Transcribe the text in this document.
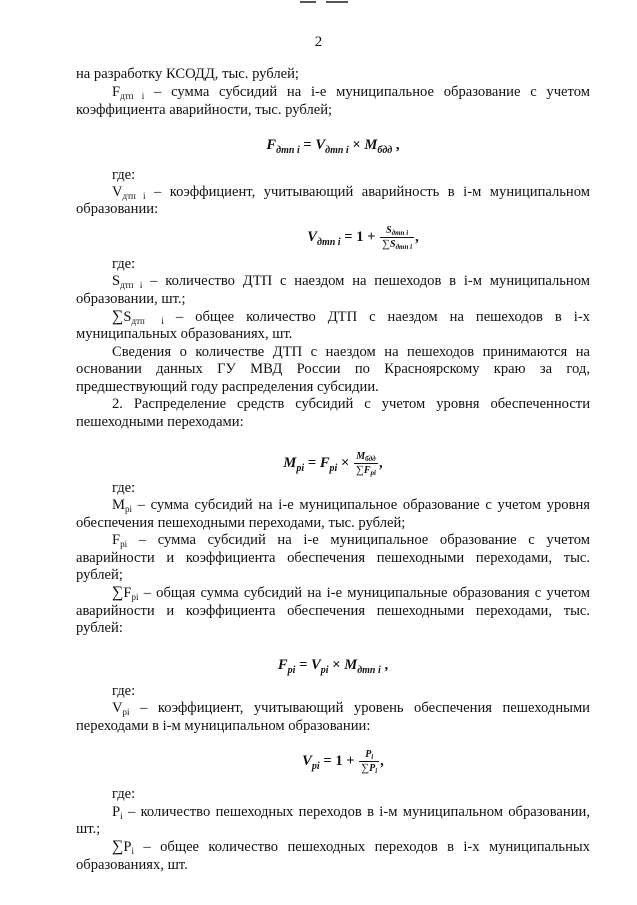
2

на разработку КСОДД, тыс. рублей;

$F_{дтп i}$ – сумма субсидий на i-е муниципальное образование с учетом коэффициента аварийности, тыс. рублей;

$F_{дтп i} = V_{дтп i} \times M_{бдд}$ ,

где:

$V_{дтп i}$ – коэффициент, учитывающий аварийность в i-м муниципальном образовании:

$V_{дтп i} = 1 + \frac{S_{дтп i}}{\sum S_{дтп i}}$ ,

где:

$S_{дтп i}$ – количество ДТП с наездом на пешеходов в i-м муниципальном образовании, шт.;

$\sum S_{дтп i}$ – общее количество ДТП с наездом на пешеходов в i-х муниципальных образованиях, шт.

Сведения о количестве ДТП с наездом на пешеходов принимаются на основании данных ГУ МВД России по Красноярскому краю за год, предшествующий году распределения субсидии.

2. Распределение средств субсидий с учетом уровня обеспеченности пешеходными переходами:

$M_{pi} = F_{pi} \times \frac{M_{бдд}}{\sum F_{pi}}$ ,

где:

$M_{pi}$ – сумма субсидий на i-е муниципальное образование с учетом уровня обеспечения пешеходными переходами, тыс. рублей;

$F_{pi}$ – сумма субсидий на i-е муниципальное образование с учетом аварийности и коэффициента обеспечения пешеходными переходами, тыс. рублей;

$\sum F_{pi}$ – общая сумма субсидий на i-е муниципальные образования с учетом аварийности и коэффициента обеспечения пешеходными переходами, тыс. рублей:

$F_{pi} = V_{pi} \times M_{дтп i}$ ,

где:

$V_{pi}$ – коэффициент, учитывающий уровень обеспечения пешеходными переходами в i-м муниципальном образовании:

$V_{pi} = 1 + \frac{P_i}{\sum P_i}$ ,

где:

$P_i$ – количество пешеходных переходов в i-м муниципальном образовании, шт.;

$\sum P_i$ – общее количество пешеходных переходов в i-х муниципальных образованиях, шт.
